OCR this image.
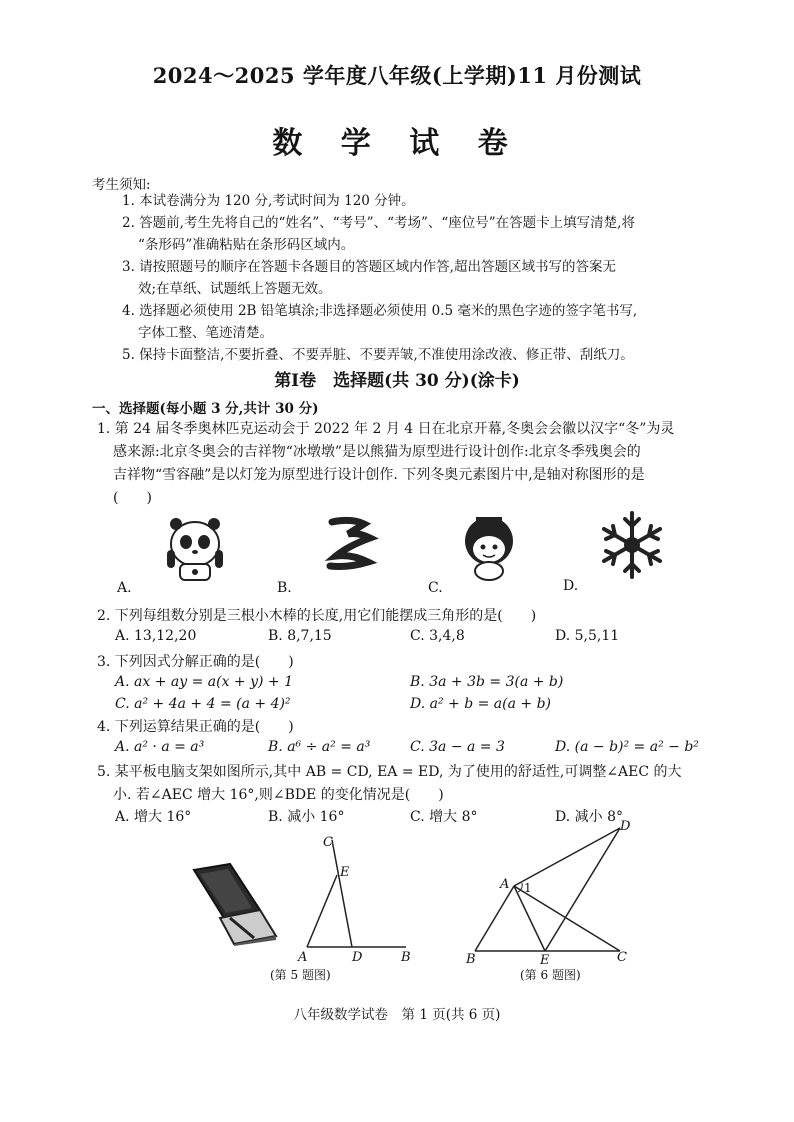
2024～2025 学年度八年级(上学期)11 月份测试
数 学 试 卷
考生须知:
1. 本试卷满分为 120 分,考试时间为 120 分钟。
2. 答题前,考生先将自己的“姓名”、“考号”、“考场”、“座位号”在答题卡上填写清楚,将
“条形码”准确粘贴在条形码区域内。
3. 请按照题号的顺序在答题卡各题目的答题区域内作答,超出答题区域书写的答案无
效;在草纸、试题纸上答题无效。
4. 选择题必须使用 2B 铅笔填涂;非选择题必须使用 0.5 毫米的黑色字迹的签字笔书写,
字体工整、笔迹清楚。
5. 保持卡面整洁,不要折叠、不要弄脏、不要弄皱,不准使用涂改液、修正带、刮纸刀。
第Ⅰ卷　选择题(共 30 分)(涂卡)
一、选择题(每小题 3 分,共计 30 分)
1. 第 24 届冬季奥林匹克运动会于 2022 年 2 月 4 日在北京开幕,冬奥会会徽以汉字“冬”为灵
感来源:北京冬奥会的吉祥物“冰墩墩”是以熊猫为原型进行设计创作:北京冬季残奥会的
吉祥物“雪容融”是以灯笼为原型进行设计创作. 下列冬奥元素图片中,是轴对称图形的是
(　　)
A.	B.	C.	D.
2. 下列每组数分别是三根小木棒的长度,用它们能摆成三角形的是(　　)
A. 13,12,20	B. 8,7,15	C. 3,4,8	D. 5,5,11
3. 下列因式分解正确的是(　　)
A. ax + ay = a(x + y) + 1	B. 3a + 3b = 3(a + b)
C. a² + 4a + 4 = (a + 4)²	D. a² + b = a(a + b)
4. 下列运算结果正确的是(　　)
A. a² · a = a³	B. a⁶ ÷ a² = a³	C. 3a − a = 3	D. (a − b)² = a² − b²
5. 某平板电脑支架如图所示,其中 AB = CD, EA = ED, 为了使用的舒适性,可调整∠AEC 的大
小. 若∠AEC 增大 16°,则∠BDE 的变化情况是(　　)
A. 增大 16°	B. 减小 16°	C. 增大 8°	D. 减小 8°
C
E
A	D	B
D
A 1
B	E	C
(第 5 题图)	(第 6 题图)
八年级数学试卷　第 1 页(共 6 页)
